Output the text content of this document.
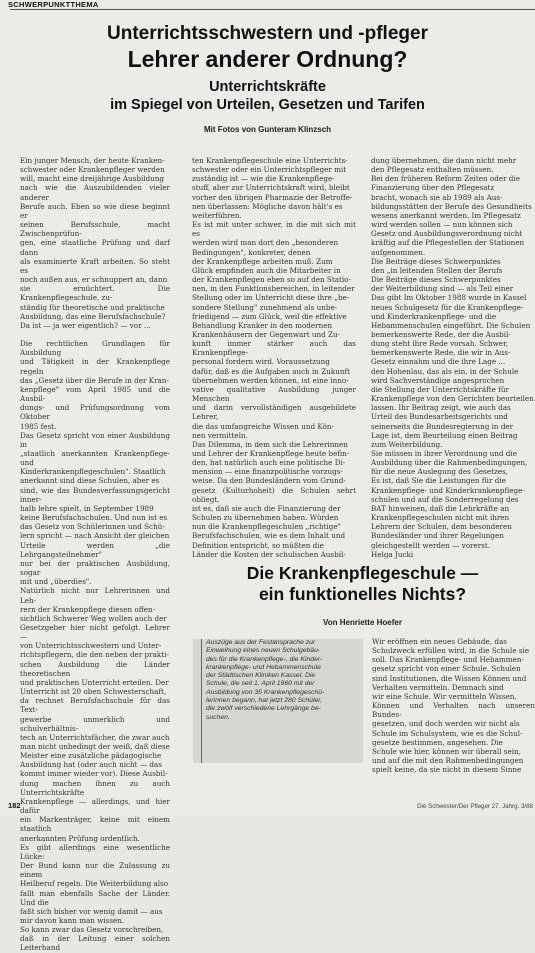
SCHWERPUNKTTHEMA
Unterrichtsschwestern und -pfleger
Lehrer anderer Ordnung?
Unterrichtskräfte
im Spiegel von Urteilen, Gesetzen und Tarifen
Mit Fotos von Gunteram Klinzsch
Ein junger Mensch, der heute Kranken-
schwester oder Krankenpfleger werden
will, macht eine dreijährige Ausbildung
nach wie die Auszubildenden vieler anderer
Berufe auch. Eben so wie diese beginnt er
seinen Berufsschule, macht Zwischenprüfun-
gen, eine staatliche Prüfung und darf dann
als examinierte Kraft arbeiten. So steht es
noch außen aus, er schnuppert an, dann
sie ernüchtert. Die Krankenpflegeschule, zu-
ständig für theoretische und praktische
Ausbildung, das eine Berufsfachschule?
Da ist — ja wer eigentlich? — vor ...

Die rechtlichen Grundlagen für Ausbildung
und Tätigkeit in der Krankenpflege regeln
das „Gesetz über die Berufe in der Kran-
kenpflege" vom April 1985 und die Ausbil-
dungs- und Prüfungsordnung vom Oktober
1985 fest.
Das Gesetz spricht von einer Ausbildung in
„staatlich anerkannten Krankenpflege- und
Kinderkrankenpflegeschulen". Staatlich
anerkannt sind diese Schulen, aber es
sind, wie das Bundesverfassungsgericht inner-
halb lehre spielt, in September 1989
keine Berufsfachschulen. Und nun ist es
das Gesetz von Schülerinnen und Schü-
lern spricht — nach Ansicht der gleichen
Urteile werden „die Lehrgangsteilnehmer"
nur bei der praktischen Ausbildung, sogar
mit und „überdies".
Natürlich nicht nur Lehrerinnen und Leh-
rern der Krankenpflege diesen offen-
sichtlich Schwerer Weg wollen auch der
Gesetzgeber hier nicht gefolgt. Lehrer —
von Unterrichtsschwestern und Unter-
richtspflegern, die den neben der prakti-
schen Ausbildung die Länder theoretischen
und praktischen Unterricht erteilen. Der
Unterricht ist 20 oben Schwesterschaft,
da rechnet Berufsfachschule für das Text-
gewerbe unmerklich und schulverhältnis-
tech an Unterrichtsfächer, die zwar auch
man nicht unbedingt der weiß, daß diese
Meister eine zusätzliche pädagogische
Ausbildung hat (oder auch nicht — das
kommt immer wieder vor). Diese Ausbil-
dung machen ihnen zu auch Unterrichtskräfte
Krankenpflege — allerdings, und hier dafür
ein Markenträger, keine mit einem staatlich
anerkannten Prüfung ordentlich.
Es gibt allerdings eine wesentliche Lücke:
Der Bund kann nur die Zulassung zu einem
Heilberuf regeln. Die Weiterbildung also
fallt man ebenfalls Sache der Länder. Und die
faßt sich bisher vor wenig damit — aus
mir davon kann man wissen.
So kann zwar das Gesetz vorschreiben,
daß in der Leitung einer solchen Leiterhand
ten Krankenpflegeschule eine Unterrichts-
schwester oder ein Unterrichtspfleger mit
zuständig ist — wie die Krankenpflege-
stuff, aber zur Unterrichtskraft wird, bleibt
vorher den übrigen Pharmazie der Betroffe-
nen überlassen: Mögliche davon hält's es
weiterführen.
Es ist mit unter schwer, in die mit sich mit es
werden wird man dort den „besonderen
Bedingungen", konkreter, denen
der Krankenpflege arbeiten muß. Zum
Glück empfinden auch die Mitarbeiter in
der Krankenpflegen eben so auf den Statio-
nen, in den Funktionsbereichen, in leitender
Stellung oder im Unterricht diese ihre „be-
sondere Stellung" zunehmend als unbe-
friedigend — zum Glück, weil die effektive
Behandlung Kranker in den modernen
Krankenhäusern der Gegenwart und Zu-
kunft immer stärker auch das Krankenpflege-
personal fordern wird. Voraussetzung
dafür, daß es die Aufgaben auch in Zukunft
übernehmen werden können, ist eine inno-
vative qualitative Ausbildung junger Menschen
und darin vervollständigen ausgebildete Lehrer,
die das umfangreiche Wissen und Kön-
nen vermitteln.
Das Dilemma, in dem sich die Lehrerinnen
und Lehrer der Krankenpflege heute befin-
den, hat natürlich auch eine politische Di-
mension — eine finanzpolitische vorzugs-
weise. Da den Bundesländern vom Grund-
gesetz (Kulturhoheit) die Schulen sehrt obliegt,
ist es, daß sie auch die Finanzierung der
Schulen zu übernehmen haben. Würden
nun die Krankenpflegeschulen „richtige"
Berufsfachschulen, wie es dem Inhalt und
Definition entspricht, so müßten die
Länder die Kosten der schulischen Ausbil-
dung übernehmen, die dann nicht mehr
den Pflegesatz enthalten müssen.
Bei den früheren Reform Zeiten oder die
Finanzierung über den Pflegesatz
bracht, wonach sie ab 1989 als Aus-
bildungsstätten der Berufe des Gesundheits
wesens anerkannt werden. Im Pflegesatz
wird werden sollen — nun können sich
Gesetz und Ausbildungsverordnung nicht
kräftig auf die Pflegestellen der Stationen
aufgenommen.
Die Beiträge dieses Schwerpunktes
den „in leitenden Stellen der Berufs
Die Beiträge dieses Schwerpunktes
der Weiterbildung sind — als Teil einer
Das gibt Im Oktober 1988 wurde in Kassel
neues Schulgesetz für die Krankenpflege-
und Kinderkrankenpflege- und die
Hebammenschulen eingeführt. Die Schulen
bemerkenswerte Rede, der die Ausbil-
dung steht ihre Rede vorsah. Schwer,
bemerkenswerte Rede, die wir in Aus-
Gesetz einnahm und die ihre Lage ...
den Hohenlau, das als ein, in der Schule
wird Sachverständige angesprochen
die Stellung der Unterrichtskräfte für
Krankenpflege von den Gerichten beurteilen
lassen. Ihr Beitrag zeigt, wie auch das
Urteil des Bundesarbeitsgerichts und
seinerseits die Bundesregierung in der
Lage ist, dem Beurteilung einen Beitrag
zum Weiterbildung.
Sie müssen in ihrer Verordnung und die
Ausbildung über die Rahmenbedingungen,
für die neue Auslegung des Gesetzes,
Es ist, daß Sie die Leistungen für die
Krankenpflege- und Kinderkrankenpflege-
schulen und auf die Sonderregelung des
BAT hinweisen, daß die Lehrkräfte an
Krankenpflegeschulen nicht mit ihren
Lehrern der Schulen, dem besonderen
Bundesländer und ihrer Regelungen
gleichgestellt werden — vorerst.
Helga Jucki
Die Krankenpflegeschule —
ein funktionelles Nichts?
Von Henriette Hoefer
Auszüge aus der Festansprache zur
Einweihung eines neuen Schulgebäu-
des für die Krankenpflege-, die Kinder-
krankenpflege- und Hebammenschule
der Städtischen Kliniken Kassel. Die
Schule, die seit 1. April 1960 mit der
Ausbildung von 35 Krankenpflegeschü-
lerinnen begann, hat jetzt 280 Schüler,
die zwölf verschiedene Lehrgänge be-
suchen.
Wir eröffnen ein neues Gebäude, das
Schulzweck erfüllen wird, in die Schule sie
soll. Das Krankenpflege- und Hebammen-
gesetz spricht von einer Schule. Schulen
sind Institutionen, die Wissen Können und
Verhalten vermitteln. Demnach sind
wir eine Schule. Wir vermitteln Wissen,
Können und Verhalten nach unseren Bundes-
gesetzen, und doch werden wir nicht als
Schule im Schulsystem, wie es die Schul-
gesetze bestimmen, angesehen. Die
Schule wie hier, können wir überall sein,
und auf die mit den Rahmenbedingungen
spielt keine, da sie nicht in diesem Sinne
182	Die Schwester/Der Pfleger 27. Jahrg. 3/88
